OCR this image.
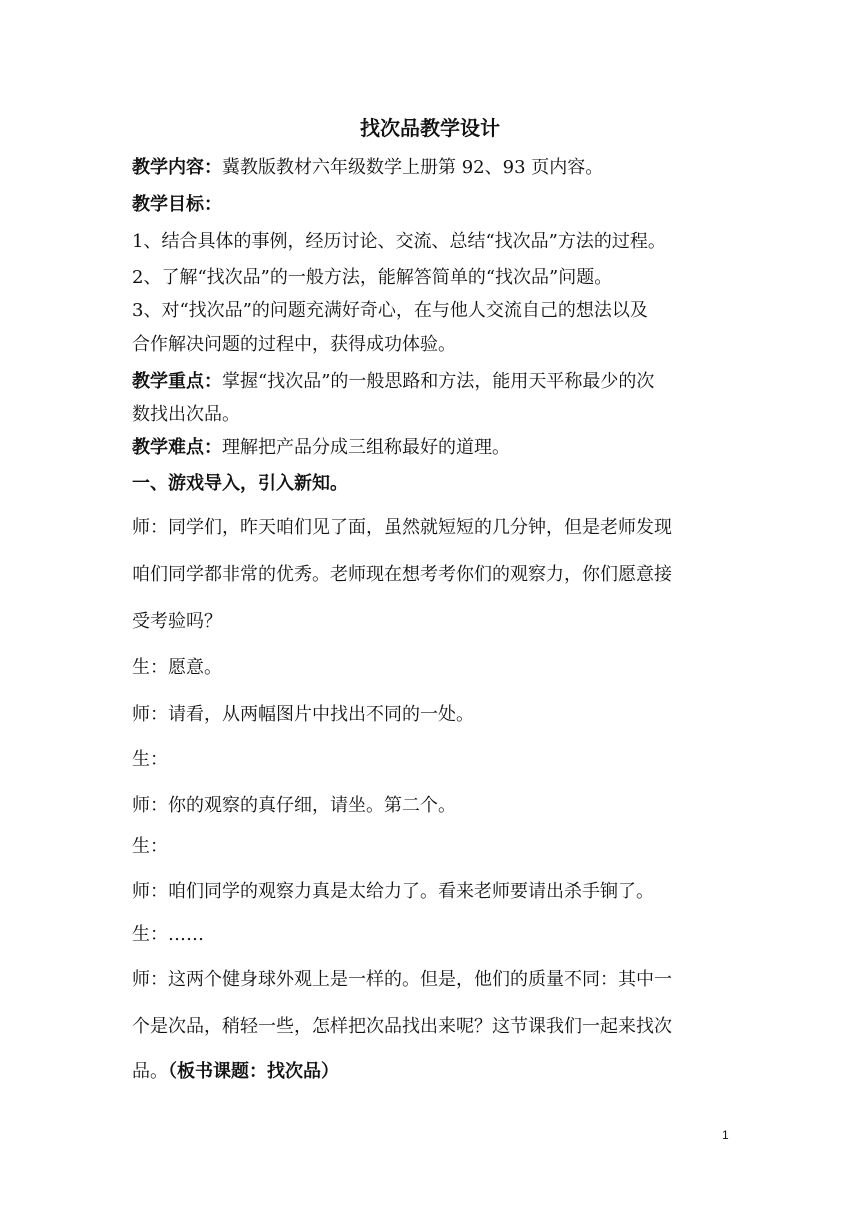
找次品教学设计
教学内容：冀教版教材六年级数学上册第 92、93 页内容。
教学目标：
1、结合具体的事例，经历讨论、交流、总结“找次品”方法的过程。
2、了解“找次品”的一般方法，能解答简单的“找次品”问题。
3、对“找次品”的问题充满好奇心，在与他人交流自己的想法以及
合作解决问题的过程中，获得成功体验。
教学重点：掌握“找次品”的一般思路和方法，能用天平称最少的次
数找出次品。
教学难点：理解把产品分成三组称最好的道理。
一、游戏导入，引入新知。
师：同学们，昨天咱们见了面，虽然就短短的几分钟，但是老师发现
咱们同学都非常的优秀。老师现在想考考你们的观察力，你们愿意接
受考验吗？
生：愿意。
师：请看，从两幅图片中找出不同的一处。
生：
师：你的观察的真仔细，请坐。第二个。
生：
师：咱们同学的观察力真是太给力了。看来老师要请出杀手锏了。
生：……
师：这两个健身球外观上是一样的。但是，他们的质量不同：其中一
个是次品，稍轻一些，怎样把次品找出来呢？这节课我们一起来找次
品。（板书课题：找次品）
1
